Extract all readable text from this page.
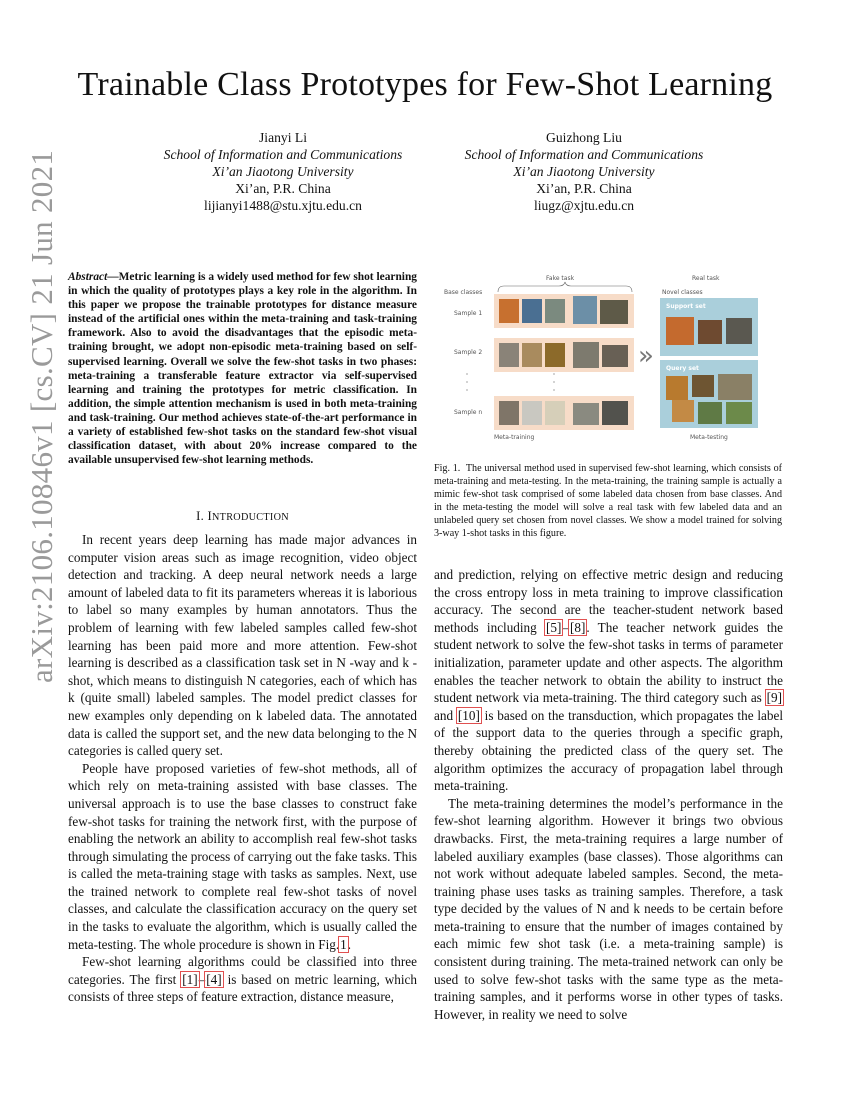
arXiv:2106.10846v1 [cs.CV] 21 Jun 2021
Trainable Class Prototypes for Few-Shot Learning
Jianyi Li
School of Information and Communications
Xi’an Jiaotong University
Xi’an, P.R. China
lijianyi1488@stu.xjtu.edu.cn
Guizhong Liu
School of Information and Communications
Xi’an Jiaotong University
Xi’an, P.R. China
liugz@xjtu.edu.cn
Abstract—Metric learning is a widely used method for few shot learning in which the quality of prototypes plays a key role in the algorithm. In this paper we propose the trainable prototypes for distance measure instead of the artificial ones within the meta-training and task-training framework. Also to avoid the disadvantages that the episodic meta-training brought, we adopt non-episodic meta-training based on self-supervised learning. Overall we solve the few-shot tasks in two phases: meta-training a transferable feature extractor via self-supervised learning and training the prototypes for metric classification. In addition, the simple attention mechanism is used in both meta-training and task-training. Our method achieves state-of-the-art performance in a variety of established few-shot tasks on the standard few-shot visual classification dataset, with about 20% increase compared to the available unsupervised few-shot learning methods.
I. INTRODUCTION

In recent years deep learning has made major advances in computer vision areas such as image recognition, video object detection and tracking. A deep neural network needs a large amount of labeled data to fit its parameters whereas it is laborious to label so many examples by human annotators. Thus the problem of learning with few labeled samples called few-shot learning has been paid more and more attention. Few-shot learning is described as a classification task set in N -way and k -shot, which means to distinguish N categories, each of which has k (quite small) labeled samples. The model predict classes for new examples only depending on k labeled data. The annotated data is called the support set, and the new data belonging to the N categories is called query set.

People have proposed varieties of few-shot methods, all of which rely on meta-training assisted with base classes. The universal approach is to use the base classes to construct fake few-shot tasks for training the network first, with the purpose of enabling the network an ability to accomplish real few-shot tasks through simulating the process of carrying out the fake tasks. This is called the meta-training stage with tasks as samples. Next, use the trained network to complete real few-shot tasks of novel classes, and calculate the classification accuracy on the query set in the tasks to evaluate the algorithm, which is usually called the meta-testing. The whole procedure is shown in Fig.1.

Few-shot learning algorithms could be classified into three categories. The first [1]–[4] is based on metric learning, which consists of three steps of feature extraction, distance measure,

Fake task	Real task
Base classes	Novel classes
Sample 1
Sample 2
Sample n
»
Support set
Query set
Meta-training	Meta-testing
Fig. 1. The universal method used in supervised few-shot learning, which consists of meta-training and meta-testing. In the meta-training, the training sample is actually a mimic few-shot task comprised of some labeled data chosen from base classes. And in the meta-testing the model will solve a real task with few labeled data and an unlabeled query set chosen from novel classes. We show a model trained for solving 3-way 1-shot tasks in this figure.

and prediction, relying on effective metric design and reducing the cross entropy loss in meta training to improve classification accuracy. The second are the teacher-student network based methods including [5]–[8]. The teacher network guides the student network to solve the few-shot tasks in terms of parameter initialization, parameter update and other aspects. The algorithm enables the teacher network to obtain the ability to instruct the student network via meta-training. The third category such as [9] and [10] is based on the transduction, which propagates the label of the support data to the queries through a specific graph, thereby obtaining the predicted class of the query set. The algorithm optimizes the accuracy of propagation label through meta-training.

The meta-training determines the model’s performance in the few-shot learning algorithm. However it brings two obvious drawbacks. First, the meta-training requires a large number of labeled auxiliary examples (base classes). Those algorithms can not work without adequate labeled samples. Second, the meta-training phase uses tasks as training samples. Therefore, a task type decided by the values of N and k needs to be certain before meta-training to ensure that the number of images contained by each mimic few shot task (i.e. a meta-training sample) is consistent during training. The meta-trained network can only be used to solve few-shot tasks with the same type as the meta-training samples, and it performs worse in other types of tasks. However, in reality we need to solve
